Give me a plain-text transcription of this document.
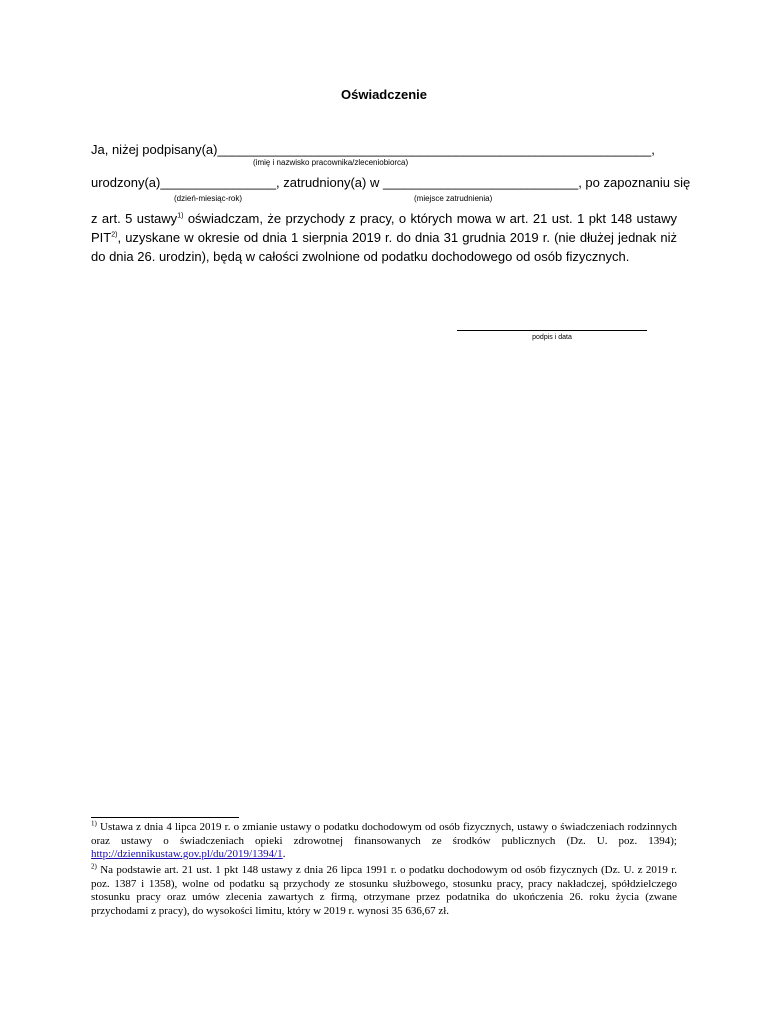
Oświadczenie
Ja, niżej podpisany(a)____________________________________________________________,
(imię i nazwisko pracownika/zleceniobiorca)
urodzony(a)________________, zatrudniony(a) w ___________________________, po zapoznaniu się
(dzień-miesiąc-rok)	(miejsce zatrudnienia)
z art. 5 ustawy$^{1)}$ oświadczam, że przychody z pracy, o których mowa w art. 21 ust. 1 pkt 148 ustawy PIT$^{2)}$, uzyskane w okresie od dnia 1 sierpnia 2019 r. do dnia 31 grudnia 2019 r. (nie dłużej jednak niż do dnia 26. urodzin), będą w całości zwolnione od podatku dochodowego od osób fizycznych.
podpis i data
$^{1)}$ Ustawa z dnia 4 lipca 2019 r. o zmianie ustawy o podatku dochodowym od osób fizycznych, ustawy o świadczeniach rodzinnych oraz ustawy o świadczeniach opieki zdrowotnej finansowanych ze środków publicznych (Dz. U. poz. 1394); http://dziennikustaw.gov.pl/du/2019/1394/1.
$^{2)}$ Na podstawie art. 21 ust. 1 pkt 148 ustawy z dnia 26 lipca 1991 r. o podatku dochodowym od osób fizycznych (Dz. U. z 2019 r. poz. 1387 i 1358), wolne od podatku są przychody ze stosunku służbowego, stosunku pracy, pracy nakładczej, spółdzielczego stosunku pracy oraz umów zlecenia zawartych z firmą, otrzymane przez podatnika do ukończenia 26. roku życia (zwane przychodami z pracy), do wysokości limitu, który w 2019 r. wynosi 35 636,67 zł.
